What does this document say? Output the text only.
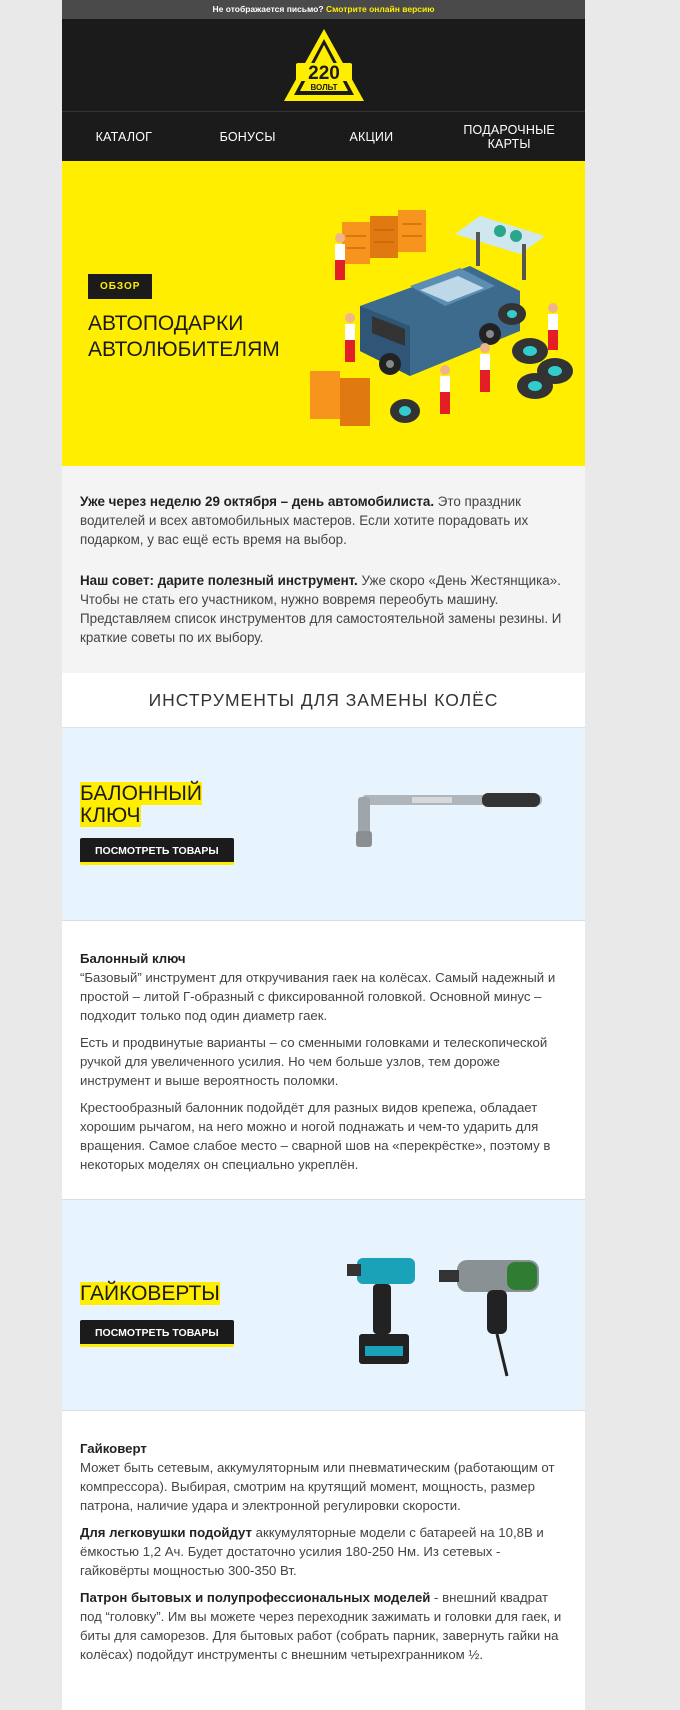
Не отображается письмо? Смотрите онлайн версию
220
ВОЛЬТ
КАТАЛОГ	БОНУСЫ	АКЦИИ	ПОДАРОЧНЫЕ КАРТЫ
ОБЗОР
АВТОПОДАРКИ АВТОЛЮБИТЕЛЯМ

Уже через неделю 29 октября – день автомобилиста. Это праздник водителей и всех автомобильных мастеров. Если хотите порадовать их подарком, у вас ещё есть время на выбор.

Наш совет: дарите полезный инструмент. Уже скоро «День Жестянщика». Чтобы не стать его участником, нужно вовремя переобуть машину. Представляем список инструментов для самостоятельной замены резины. И краткие советы по их выбору.

ИНСТРУМЕНТЫ ДЛЯ ЗАМЕНЫ КОЛЁС
БАЛОННЫЙ КЛЮЧ
ПОСМОТРЕТЬ ТОВАРЫ
Балонный ключ
“Базовый” инструмент для откручивания гаек на колёсах. Самый надежный и простой – литой Г-образный с фиксированной головкой. Основной минус – подходит только под один диаметр гаек.

Есть и продвинутые варианты – со сменными головками и телескопической ручкой для увеличенного усилия. Но чем больше узлов, тем дороже инструмент и выше вероятность поломки.

Крестообразный балонник подойдёт для разных видов крепежа, обладает хорошим рычагом, на него можно и ногой поднажать и чем-то ударить для вращения. Самое слабое место – сварной шов на «перекрёстке», поэтому в некоторых моделях он специально укреплён.

ГАЙКОВЕРТЫ
ПОСМОТРЕТЬ ТОВАРЫ
Гайковерт
Может быть сетевым, аккумуляторным или пневматическим (работающим от компрессора). Выбирая, смотрим на крутящий момент, мощность, размер патрона, наличие удара и электронной регулировки скорости.

Для легковушки подойдут аккумуляторные модели с батареей на 10,8В и ёмкостью 1,2 Ач. Будет достаточно усилия 180-250 Нм. Из сетевых - гайковёрты мощностью 300-350 Вт.

Патрон бытовых и полупрофессиональных моделей - внешний квадрат под “головку”. Им вы можете через переходник зажимать и головки для гаек, и биты для саморезов. Для бытовых работ (собрать парник, завернуть гайки на колёсах) подойдут инструменты с внешним четырехгранником ½.
